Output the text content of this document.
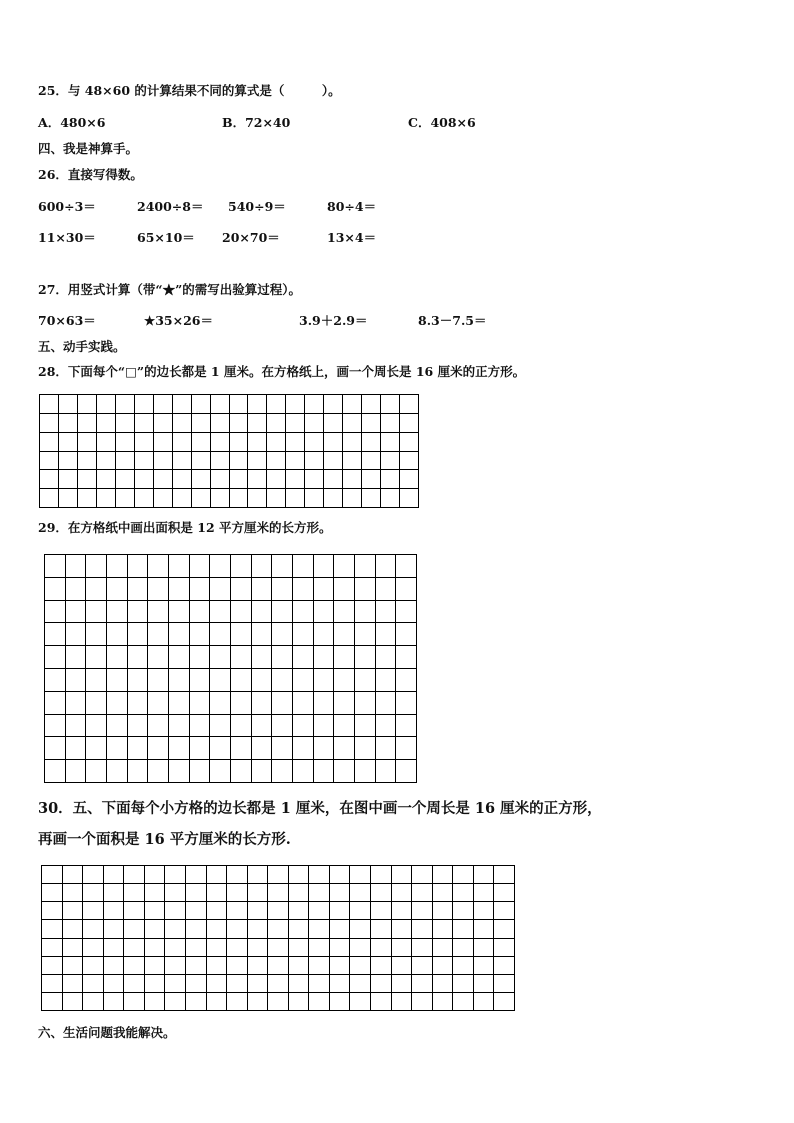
25．与 48×60 的计算结果不同的算式是（　　　）。
A．480×6	B．72×40	C．408×6
四、我是神算手。
26．直接写得数。
600÷3＝	2400÷8＝ 540÷9＝	80÷4＝
11×30＝	65×10＝ 20×70＝	13×4＝
27．用竖式计算（带“★”的需写出验算过程）。
70×63＝	★35×26＝	3.9＋2.9＝	8.3－7.5＝
五、动手实践。
28．下面每个“□”的边长都是 1 厘米。在方格纸上，画一个周长是 16 厘米的正方形。
29．在方格纸中画出面积是 12 平方厘米的长方形。
30．五、下面每个小方格的边长都是 1 厘米，在图中画一个周长是 16 厘米的正方形，
再画一个面积是 16 平方厘米的长方形.
六、生活问题我能解决。
